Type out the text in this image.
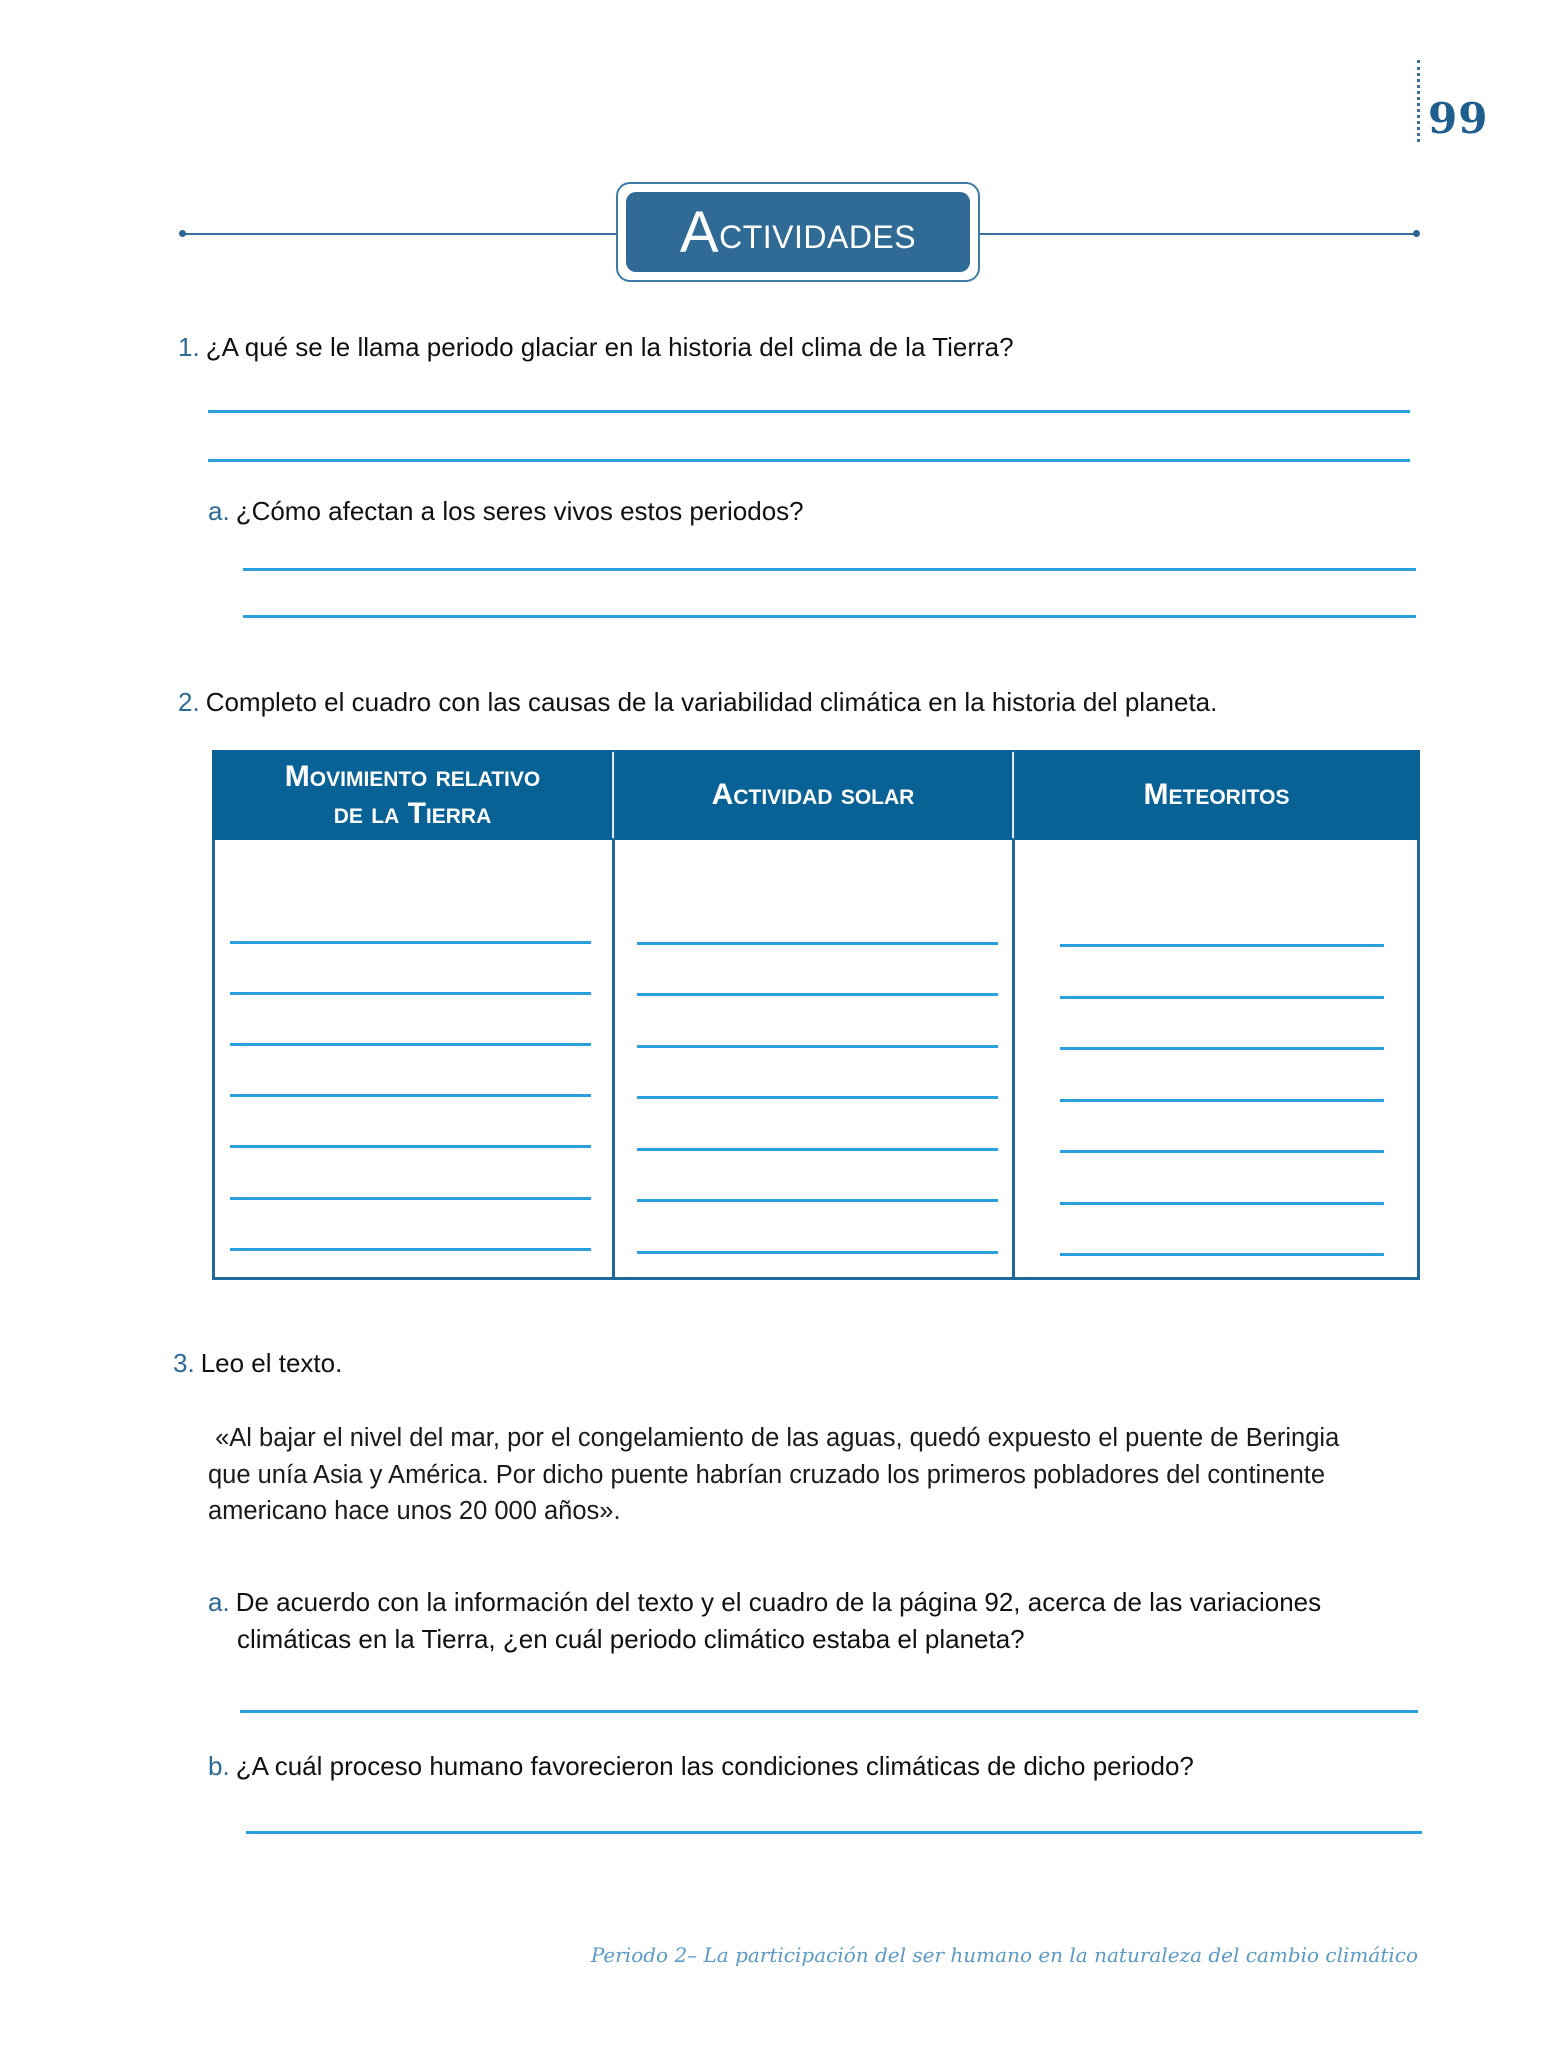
99
A ctividades
1. ¿A qué se le llama periodo glaciar en la historia del clima de la Tierra?
a. ¿Cómo afectan a los seres vivos estos periodos?
2. Completo el cuadro con las causas de la variabilidad climática en la historia del planeta.
Movimiento relativo
de la Tierra
Actividad solar	Meteoritos
3. Leo el texto.
«Al bajar el nivel del mar, por el congelamiento de las aguas, quedó expuesto el puente de Beringia
que unía Asia y América. Por dicho puente habrían cruzado los primeros pobladores del continente
americano hace unos 20 000 años».
a. De acuerdo con la información del texto y el cuadro de la página 92, acerca de las variaciones
climáticas en la Tierra, ¿en cuál periodo climático estaba el planeta?
b. ¿A cuál proceso humano favorecieron las condiciones climáticas de dicho periodo?
Periodo 2– La participación del ser humano en la naturaleza del cambio climático
